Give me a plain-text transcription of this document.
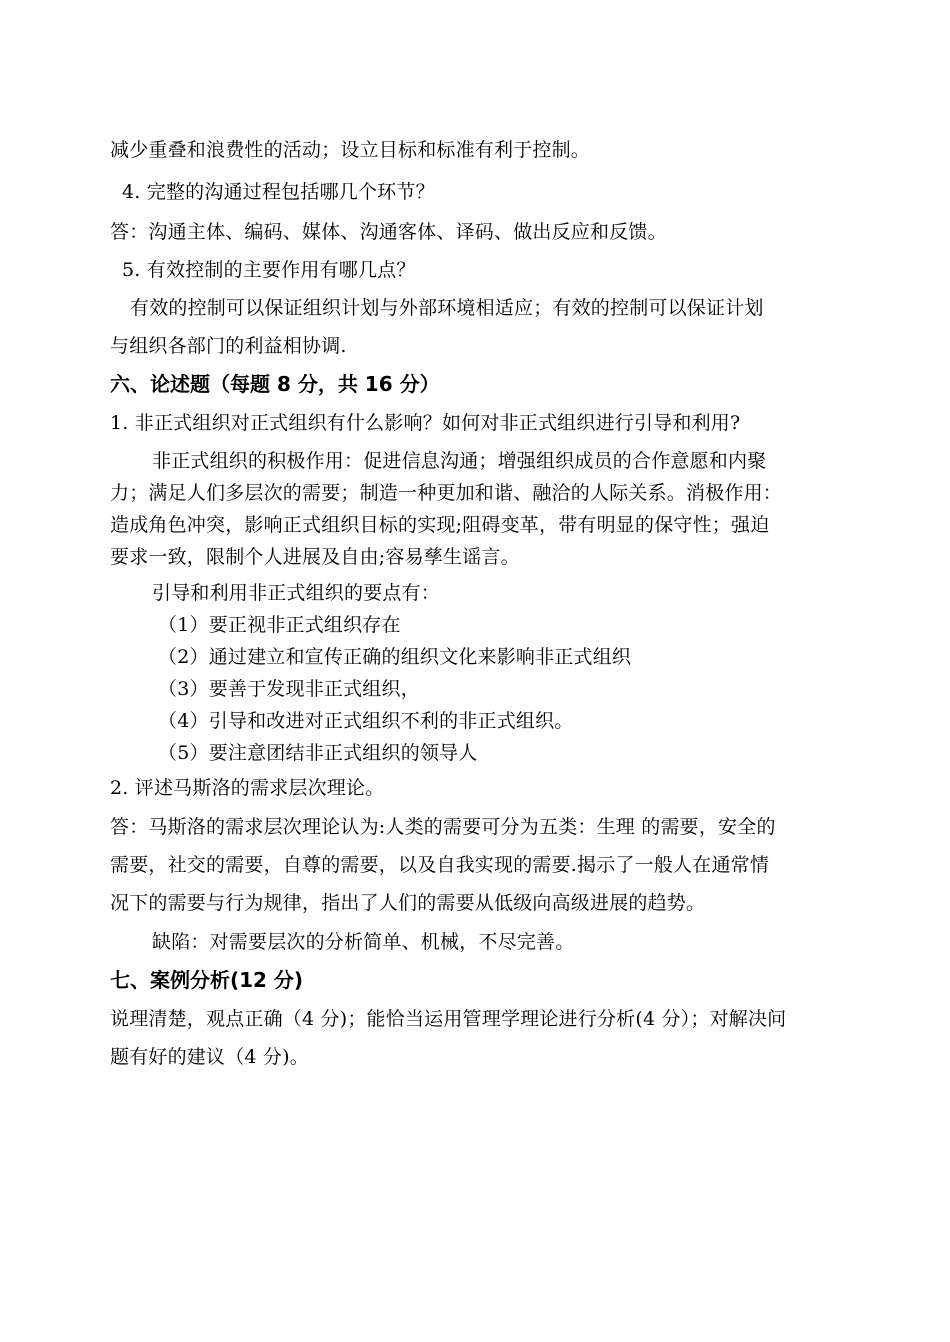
减少重叠和浪费性的活动；设立目标和标准有利于控制。
4. 完整的沟通过程包括哪几个环节？
答：沟通主体、编码、媒体、沟通客体、译码、做出反应和反馈。
5. 有效控制的主要作用有哪几点？
有效的控制可以保证组织计划与外部环境相适应；有效的控制可以保证计划
与组织各部门的利益相协调.
六、论述题（每题 8 分，共 16 分）
1. 非正式组织对正式组织有什么影响？如何对非正式组织进行引导和利用?
非正式组织的积极作用：促进信息沟通；增强组织成员的合作意愿和内聚
力；满足人们多层次的需要；制造一种更加和谐、融洽的人际关系。消极作用：
造成角色冲突，影响正式组织目标的实现;阻碍变革，带有明显的保守性；强迫
要求一致，限制个人进展及自由;容易孳生谣言。
引导和利用非正式组织的要点有：
（1）要正视非正式组织存在
（2）通过建立和宣传正确的组织文化来影响非正式组织
（3）要善于发现非正式组织，
（4）引导和改进对正式组织不利的非正式组织。
（5）要注意团结非正式组织的领导人
2. 评述马斯洛的需求层次理论。
答：马斯洛的需求层次理论认为:人类的需要可分为五类：生理 的需要，安全的
需要，社交的需要，自尊的需要，以及自我实现的需要.揭示了一般人在通常情
况下的需要与行为规律，指出了人们的需要从低级向高级进展的趋势。
缺陷：对需要层次的分析简单、机械，不尽完善。
七、案例分析(12 分)
说理清楚，观点正确（4 分)；能恰当运用管理学理论进行分析(4 分）；对解决问
题有好的建议（4 分)。
